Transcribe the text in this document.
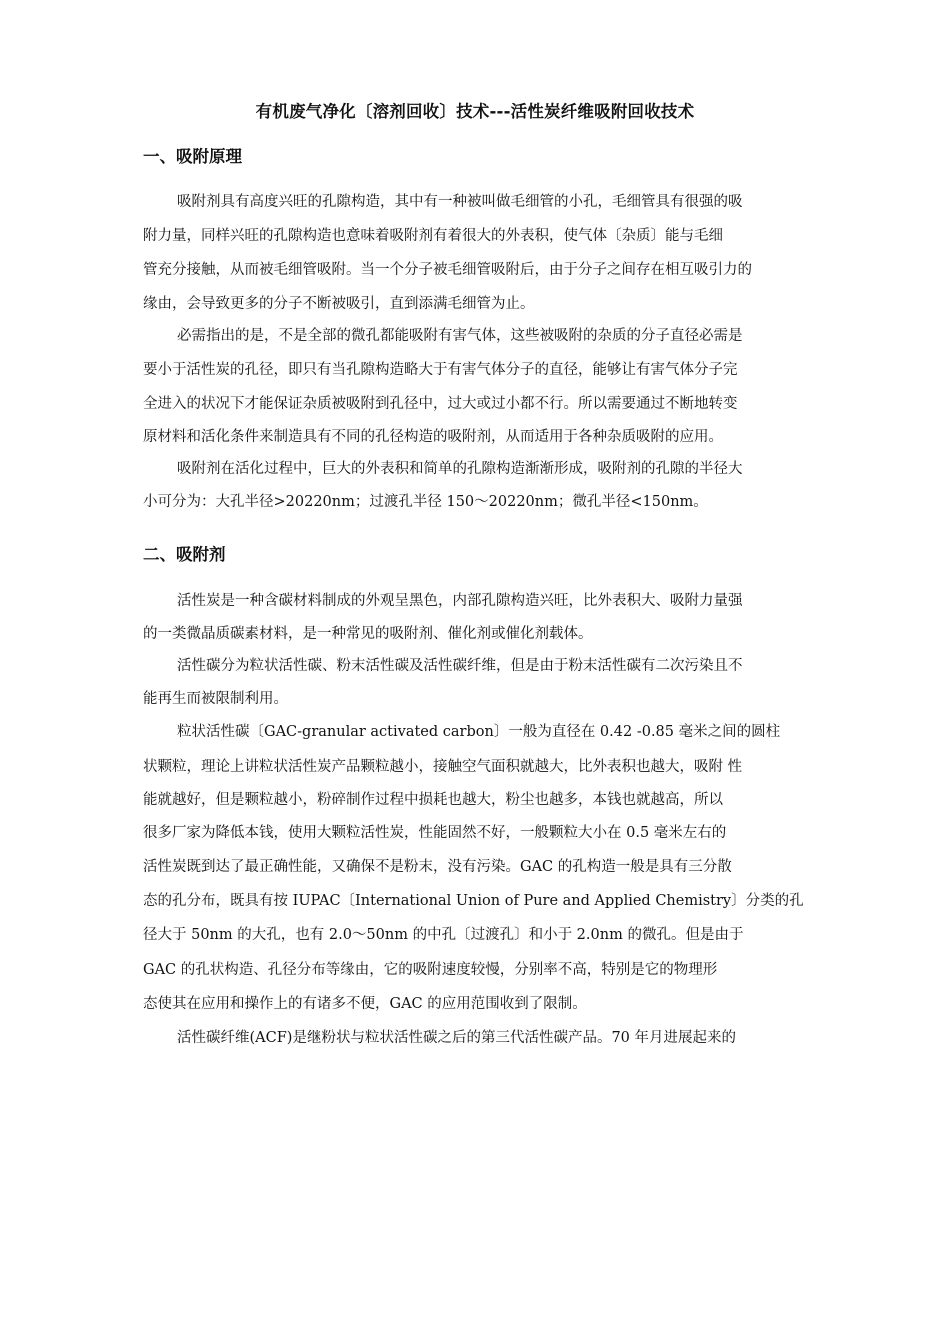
有机废气净化〔溶剂回收〕技术---活性炭纤维吸附回收技术
一、吸附原理
吸附剂具有高度兴旺的孔隙构造，其中有一种被叫做毛细管的小孔，毛细管具有很强的吸
附力量，同样兴旺的孔隙构造也意味着吸附剂有着很大的外表积，使气体〔杂质〕能与毛细
管充分接触，从而被毛细管吸附。当一个分子被毛细管吸附后，由于分子之间存在相互吸引力的
缘由，会导致更多的分子不断被吸引，直到添满毛细管为止。
必需指出的是，不是全部的微孔都能吸附有害气体，这些被吸附的杂质的分子直径必需是
要小于活性炭的孔径，即只有当孔隙构造略大于有害气体分子的直径，能够让有害气体分子完
全进入的状况下才能保证杂质被吸附到孔径中，过大或过小都不行。所以需要通过不断地转变
原材料和活化条件来制造具有不同的孔径构造的吸附剂，从而适用于各种杂质吸附的应用。
吸附剂在活化过程中，巨大的外表积和简单的孔隙构造渐渐形成，吸附剂的孔隙的半径大
小可分为：大孔半径>20220nm；过渡孔半径 150～20220nm；微孔半径<150nm。
二、吸附剂
活性炭是一种含碳材料制成的外观呈黑色，内部孔隙构造兴旺，比外表积大、吸附力量强
的一类微晶质碳素材料，是一种常见的吸附剂、催化剂或催化剂载体。
活性碳分为粒状活性碳、粉末活性碳及活性碳纤维，但是由于粉末活性碳有二次污染且不
能再生而被限制利用。
粒状活性碳〔GAC-granular activated carbon〕一般为直径在 0.42 -0.85 毫米之间的圆柱
状颗粒，理论上讲粒状活性炭产品颗粒越小，接触空气面积就越大，比外表积也越大，吸附 性
能就越好，但是颗粒越小，粉碎制作过程中损耗也越大，粉尘也越多，本钱也就越高，所以
很多厂家为降低本钱，使用大颗粒活性炭，性能固然不好，一般颗粒大小在 0.5 毫米左右的
活性炭既到达了最正确性能，又确保不是粉末，没有污染。GAC 的孔构造一般是具有三分散
态的孔分布，既具有按 IUPAC〔International Union of Pure and Applied Chemistry〕分类的孔
径大于 50nm 的大孔，也有 2.0～50nm 的中孔〔过渡孔〕和小于 2.0nm 的微孔。但是由于
GAC 的孔状构造、孔径分布等缘由，它的吸附速度较慢，分别率不高，特别是它的物理形
态使其在应用和操作上的有诸多不便，GAC 的应用范围收到了限制。
活性碳纤维(ACF)是继粉状与粒状活性碳之后的第三代活性碳产品。70 年月进展起来的
